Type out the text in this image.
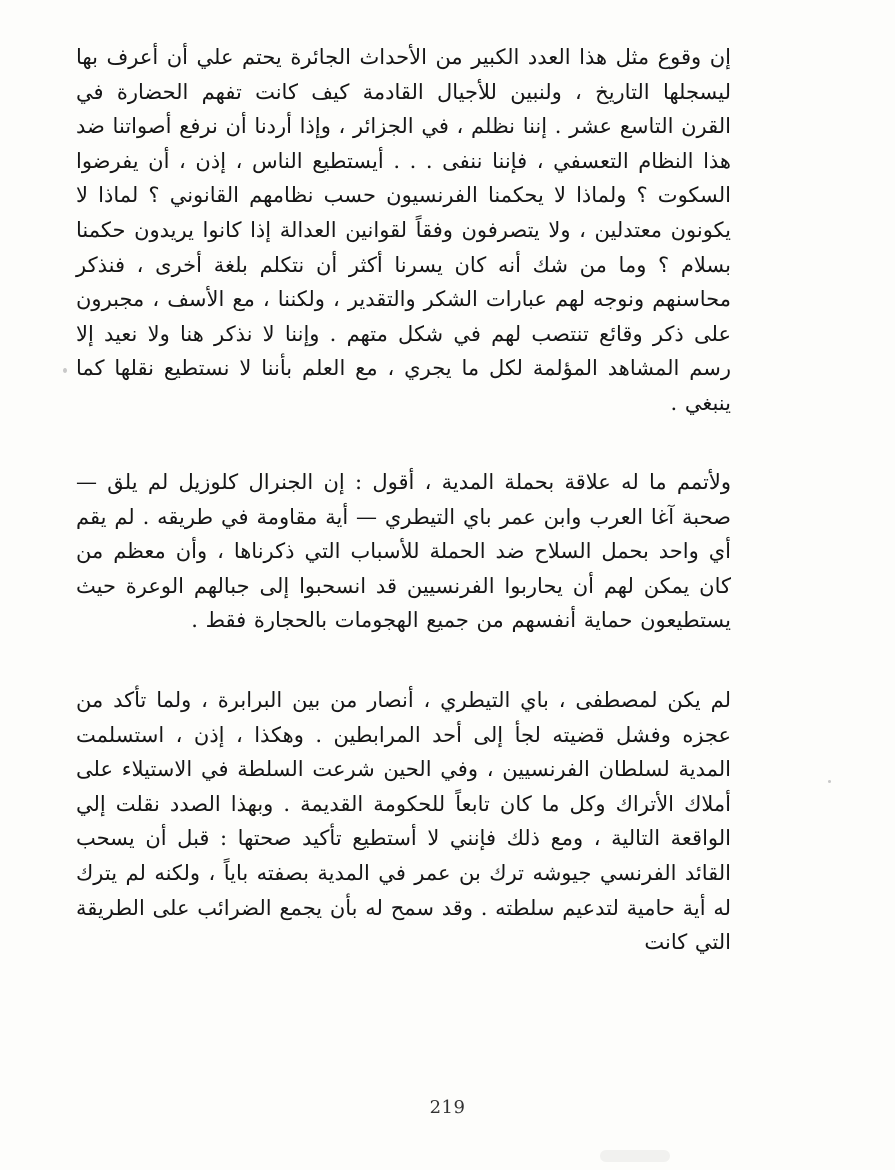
إن وقوع مثل هذا العدد الكبير من الأحداث الجائرة يحتم علي أن أعرف بها ليسجلها التاريخ ، ولنبين للأجيال القادمة كيف كانت تفهم الحضارة في القرن التاسع عشر . إننا نظلم ، في الجزائر ، وإذا أردنا أن نرفع أصواتنا ضد هذا النظام التعسفي ، فإننا ننفى . . . أيستطيع الناس ، إذن ، أن يفرضوا السكوت ؟ ولماذا لا يحكمنا الفرنسيون حسب نظامهم القانوني ؟ لماذا لا يكونون معتدلين ، ولا يتصرفون وفقاً لقوانين العدالة إذا كانوا يريدون حكمنا بسلام ؟ وما من شك أنه كان يسرنا أكثر أن نتكلم بلغة أخرى ، فنذكر محاسنهم ونوجه لهم عبارات الشكر والتقدير ، ولكننا ، مع الأسف ، مجبرون على ذكر وقائع تنتصب لهم في شكل متهم . وإننا لا نذكر هنا ولا نعيد إلا رسم المشاهد المؤلمة لكل ما يجري ، مع العلم بأننا لا نستطيع نقلها كما ينبغي .
ولأتمم ما له علاقة بحملة المدية ، أقول : إن الجنرال كلوزيل لم يلق — صحبة آغا العرب وابن عمر باي التيطري — أية مقاومة في طريقه . لم يقم أي واحد بحمل السلاح ضد الحملة للأسباب التي ذكرناها ، وأن معظم من كان يمكن لهم أن يحاربوا الفرنسيين قد انسحبوا إلى جبالهم الوعرة حيث يستطيعون حماية أنفسهم من جميع الهجومات بالحجارة فقط .
لم يكن لمصطفى ، باي التيطري ، أنصار من بين البرابرة ، ولما تأكد من عجزه وفشل قضيته لجأ إلى أحد المرابطين . وهكذا ، إذن ، استسلمت المدية لسلطان الفرنسيين ، وفي الحين شرعت السلطة في الاستيلاء على أملاك الأتراك وكل ما كان تابعاً للحكومة القديمة . وبهذا الصدد نقلت إلي الواقعة التالية ، ومع ذلك فإنني لا أستطيع تأكيد صحتها : قبل أن يسحب القائد الفرنسي جيوشه ترك بن عمر في المدية بصفته باياً ، ولكنه لم يترك له أية حامية لتدعيم سلطته . وقد سمح له بأن يجمع الضرائب على الطريقة التي كانت
219
